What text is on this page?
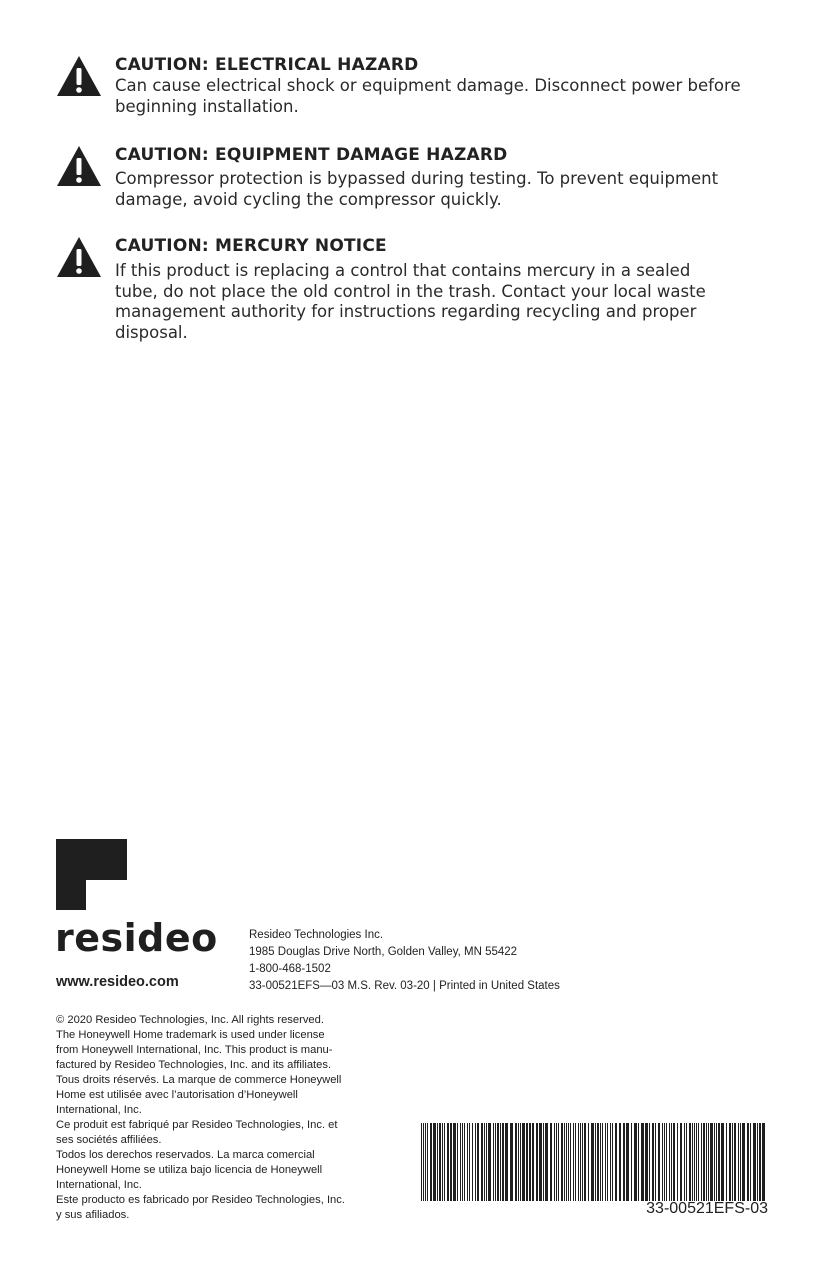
CAUTION: ELECTRICAL HAZARD
Can cause electrical shock or equipment damage. Disconnect power before
beginning installation.
CAUTION: EQUIPMENT DAMAGE HAZARD
Compressor protection is bypassed during testing. To prevent equipment
damage, avoid cycling the compressor quickly.
CAUTION: MERCURY NOTICE
If this product is replacing a control that contains mercury in a sealed
tube, do not place the old control in the trash. Contact your local waste
management authority for instructions regarding recycling and proper
disposal.
resideo
www.resideo.com
Resideo Technologies Inc.
1985 Douglas Drive North, Golden Valley, MN 55422
1-800-468-1502
33-00521EFS—03 M.S. Rev. 03-20 | Printed in United States
© 2020 Resideo Technologies, Inc. All rights reserved.
The Honeywell Home trademark is used under license
from Honeywell International, Inc. This product is manu-
factured by Resideo Technologies, Inc. and its affiliates.
Tous droits réservés. La marque de commerce Honeywell
Home est utilisée avec l’autorisation d’Honeywell
International, Inc.
Ce produit est fabriqué par Resideo Technologies, Inc. et
ses sociétés affiliées.
Todos los derechos reservados. La marca comercial
Honeywell Home se utiliza bajo licencia de Honeywell
International, Inc.
Este producto es fabricado por Resideo Technologies, Inc.
y sus afiliados.	33-00521EFS-03
